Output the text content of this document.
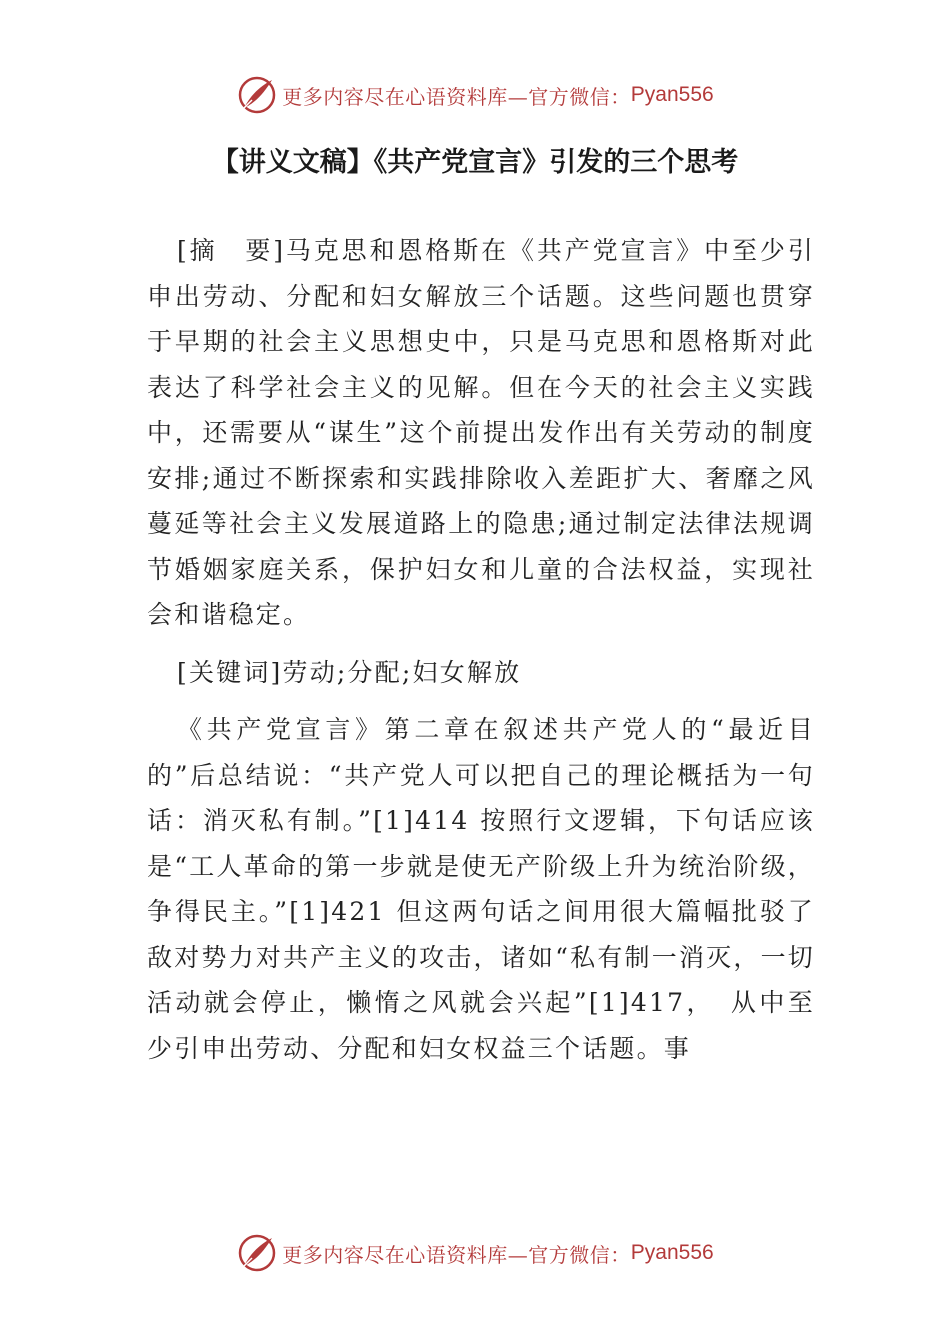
更多内容尽在心语资料库—官方微信： Pyan556
【讲义文稿】《共产党宣言》引发的三个思考

[摘　要]马克思和恩格斯在《共产党宣言》中至少引申出劳动、分配和妇女解放三个话题。这些问题也贯穿于早期的社会主义思想史中，只是马克思和恩格斯对此表达了科学社会主义的见解。但在今天的社会主义实践中，还需要从“谋生”这个前提出发作出有关劳动的制度安排;通过不断探索和实践排除收入差距扩大、奢靡之风蔓延等社会主义发展道路上的隐患;通过制定法律法规调节婚姻家庭关系，保护妇女和儿童的合法权益，实现社会和谐稳定。

[关键词]劳动;分配;妇女解放

《共产党宣言》第二章在叙述共产党人的“最近目的”后总结说：“共产党人可以把自己的理论概括为一句话：消灭私有制。”[1]414 按照行文逻辑，下句话应该是“工人革命的第一步就是使无产阶级上升为统治阶级，争得民主。”[1]421 但这两句话之间用很大篇幅批驳了敌对势力对共产主义的攻击，诸如“私有制一消灭，一切活动就会停止，懒惰之风就会兴起”[1]417，　从中至少引申出劳动、分配和妇女权益三个话题。事

更多内容尽在心语资料库—官方微信： Pyan556
